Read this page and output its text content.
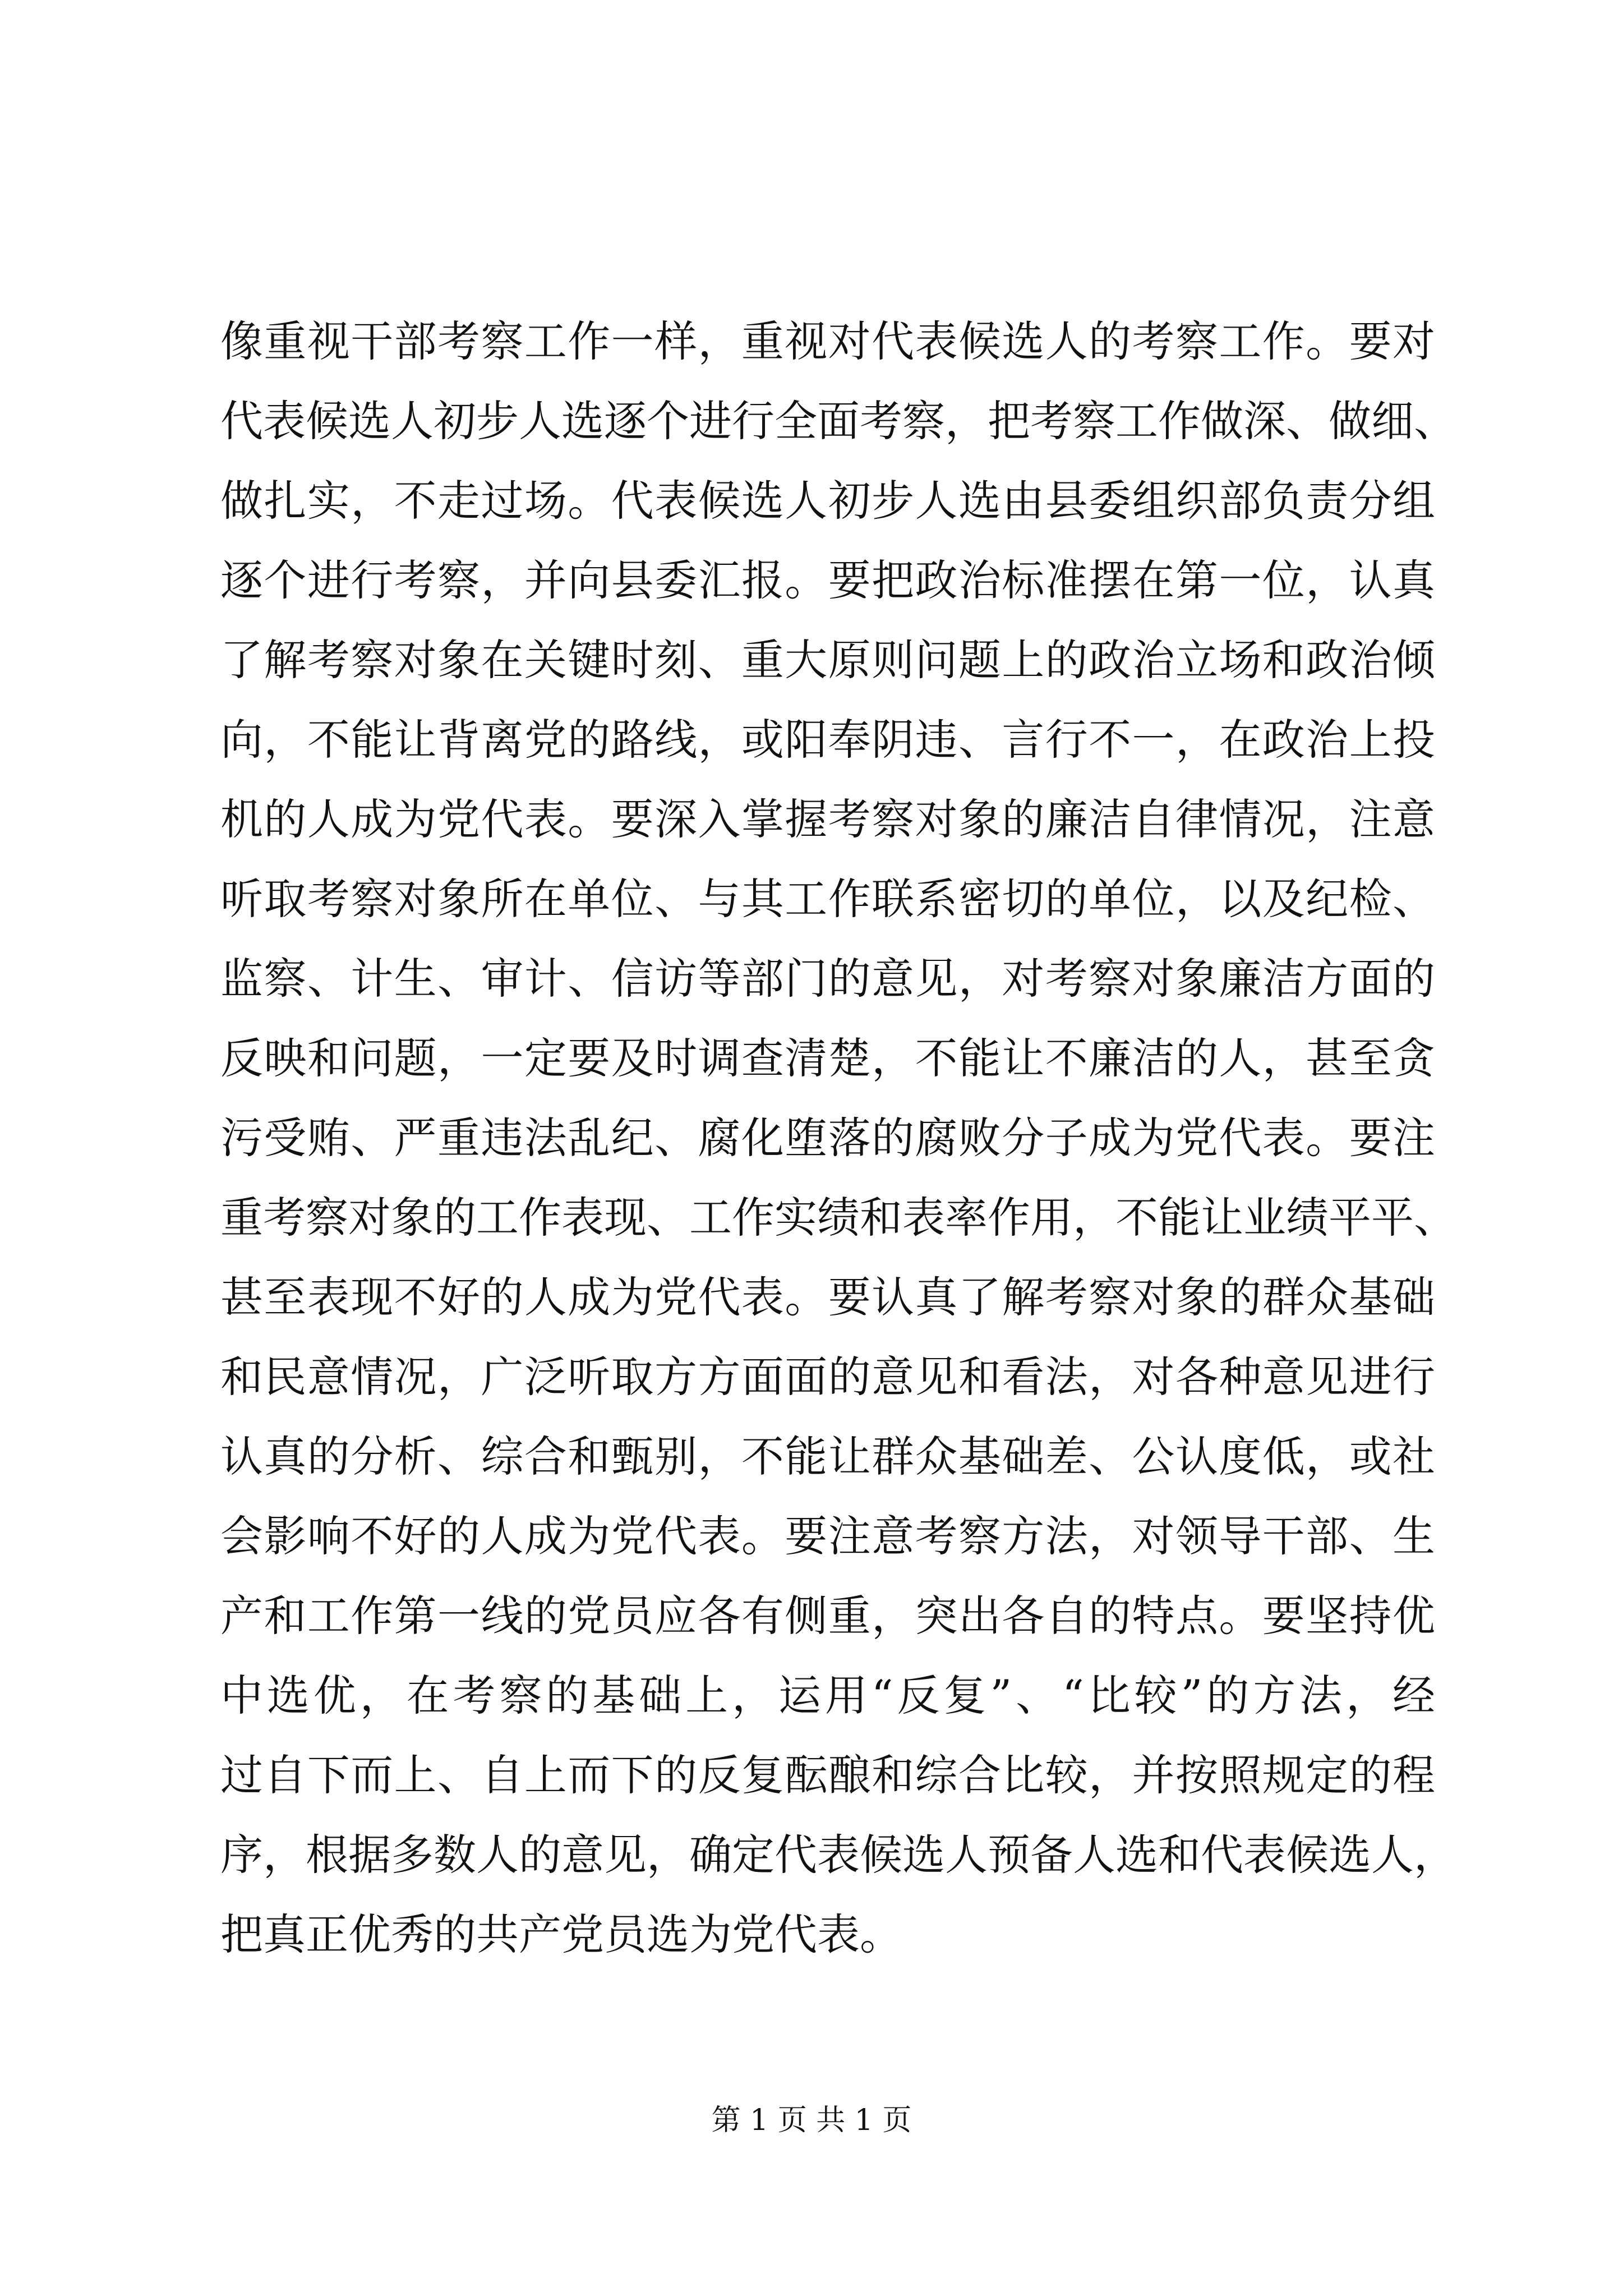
像重视干部考察工作一样，重视对代表候选人的考察工作。要对
代表候选人初步人选逐个进行全面考察，把考察工作做深、做细、
做扎实，不走过场。代表候选人初步人选由县委组织部负责分组
逐个进行考察，并向县委汇报。要把政治标准摆在第一位，认真
了解考察对象在关键时刻、重大原则问题上的政治立场和政治倾
向，不能让背离党的路线，或阳奉阴违、言行不一，在政治上投
机的人成为党代表。要深入掌握考察对象的廉洁自律情况，注意
听取考察对象所在单位、与其工作联系密切的单位，以及纪检、
监察、计生、审计、信访等部门的意见，对考察对象廉洁方面的
反映和问题，一定要及时调查清楚，不能让不廉洁的人，甚至贪
污受贿、严重违法乱纪、腐化堕落的腐败分子成为党代表。要注
重考察对象的工作表现、工作实绩和表率作用，不能让业绩平平、
甚至表现不好的人成为党代表。要认真了解考察对象的群众基础
和民意情况，广泛听取方方面面的意见和看法，对各种意见进行
认真的分析、综合和甄别，不能让群众基础差、公认度低，或社
会影响不好的人成为党代表。要注意考察方法，对领导干部、生
产和工作第一线的党员应各有侧重，突出各自的特点。要坚持优
中选优，在考察的基础上，运用“反复”、“比较”的方法，经
过自下而上、自上而下的反复酝酿和综合比较，并按照规定的程
序，根据多数人的意见，确定代表候选人预备人选和代表候选人，
把真正优秀的共产党员选为党代表。
第 1 页 共 1 页
